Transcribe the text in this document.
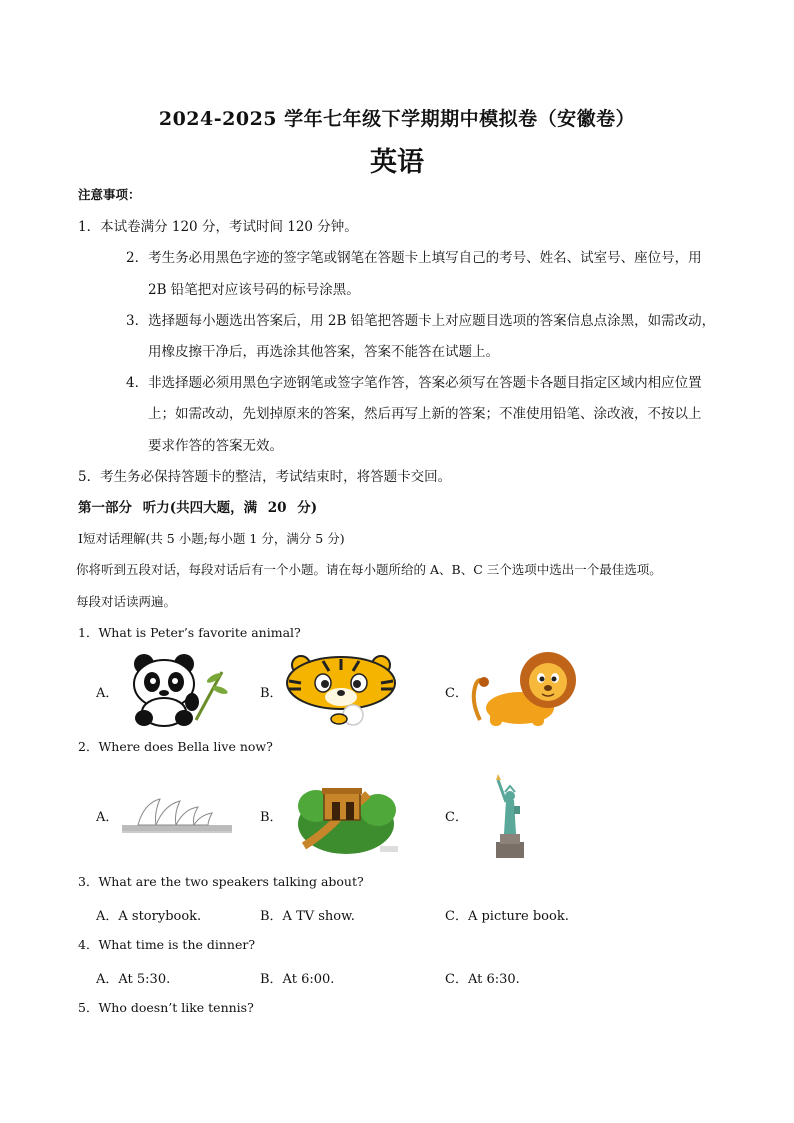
2024-2025 学年七年级下学期期中模拟卷（安徽卷）
英语
注意事项：
1．本试卷满分 120 分，考试时间 120 分钟。
2．考生务必用黑色字迹的签字笔或钢笔在答题卡上填写自己的考号、姓名、试室号、座位号，用
2B 铅笔把对应该号码的标号涂黑。
3．选择题每小题选出答案后，用 2B 铅笔把答题卡上对应题目选项的答案信息点涂黑，如需改动，
用橡皮擦干净后，再选涂其他答案，答案不能答在试题上。
4．非选择题必须用黑色字迹钢笔或签字笔作答，答案必须写在答题卡各题目指定区域内相应位置
上；如需改动，先划掉原来的答案，然后再写上新的答案；不准使用铅笔、涂改液，不按以上
要求作答的答案无效。
5．考生务必保持答题卡的整洁，考试结束时，将答题卡交回。
第一部分 听力(共四大题，满 20 分)
Ⅰ短对话理解(共 5 小题;每小题 1 分，满分 5 分)
你将听到五段对话，每段对话后有一个小题。请在每小题所给的 A、B、C 三个选项中选出一个最佳选项。
每段对话读两遍。
1．What is Peter’s favorite animal?
A．	B．	C．
2．Where does Bella live now?
A．	B．	C．
3．What are the two speakers talking about?
A．A storybook.	B．A TV show.	C．A picture book.
4．What time is the dinner?
A．At 5:30.	B．At 6:00.	C．At 6:30.
5．Who doesn’t like tennis?
